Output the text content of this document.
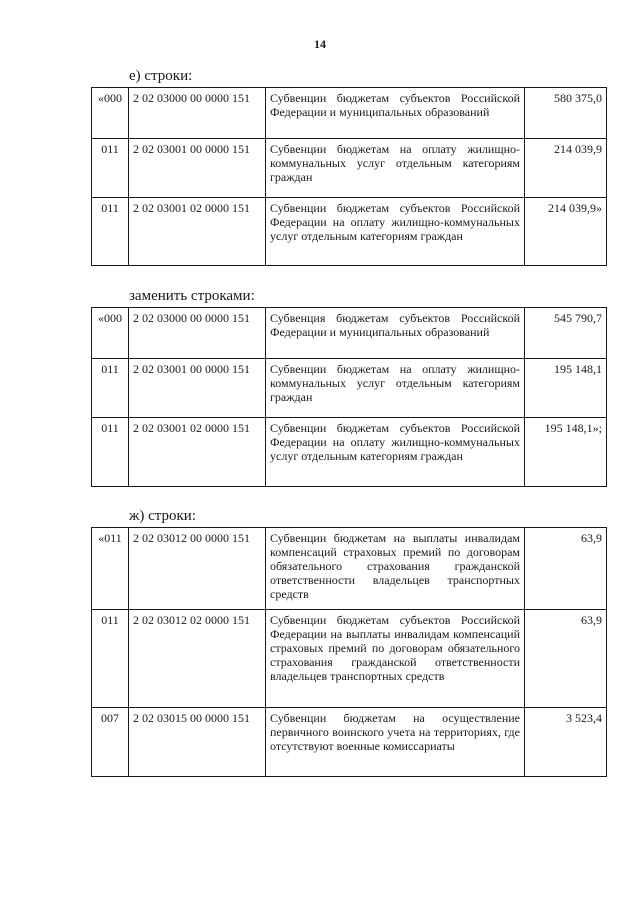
14
е) строки:
«000	2 02 03000 00 0000 151	Субвенции бюджетам субъектов Российской Федерации и муниципальных образований	580 375,0
011	2 02 03001 00 0000 151	Субвенции бюджетам на оплату жилищно-коммунальных услуг отдельным категориям граждан	214 039,9
011	2 02 03001 02 0000 151	Субвенции бюджетам субъектов Российской Федерации на оплату жилищно-коммунальных услуг отдельным категориям граждан	214 039,9»
заменить строками:
«000	2 02 03000 00 0000 151	Субвенция бюджетам субъектов Российской Федерации и муниципальных образований	545 790,7
011	2 02 03001 00 0000 151	Субвенции бюджетам на оплату жилищно-коммунальных услуг отдельным категориям граждан	195 148,1
011	2 02 03001 02 0000 151	Субвенции бюджетам субъектов Российской Федерации на оплату жилищно-коммунальных услуг отдельным категориям граждан	195 148,1»;
ж) строки:
«011	2 02 03012 00 0000 151	Субвенции бюджетам на выплаты инвалидам компенсаций страховых премий по договорам обязательного страхования гражданской ответственности владельцев транспортных средств	63,9
011	2 02 03012 02 0000 151	Субвенции бюджетам субъектов Российской Федерации на выплаты инвалидам компенсаций страховых премий по договорам обязательного страхования гражданской ответственности владельцев транспортных средств	63,9
007	2 02 03015 00 0000 151	Субвенции бюджетам на осуществление первичного воинского учета на территориях, где отсутствуют военные комиссариаты	3 523,4
